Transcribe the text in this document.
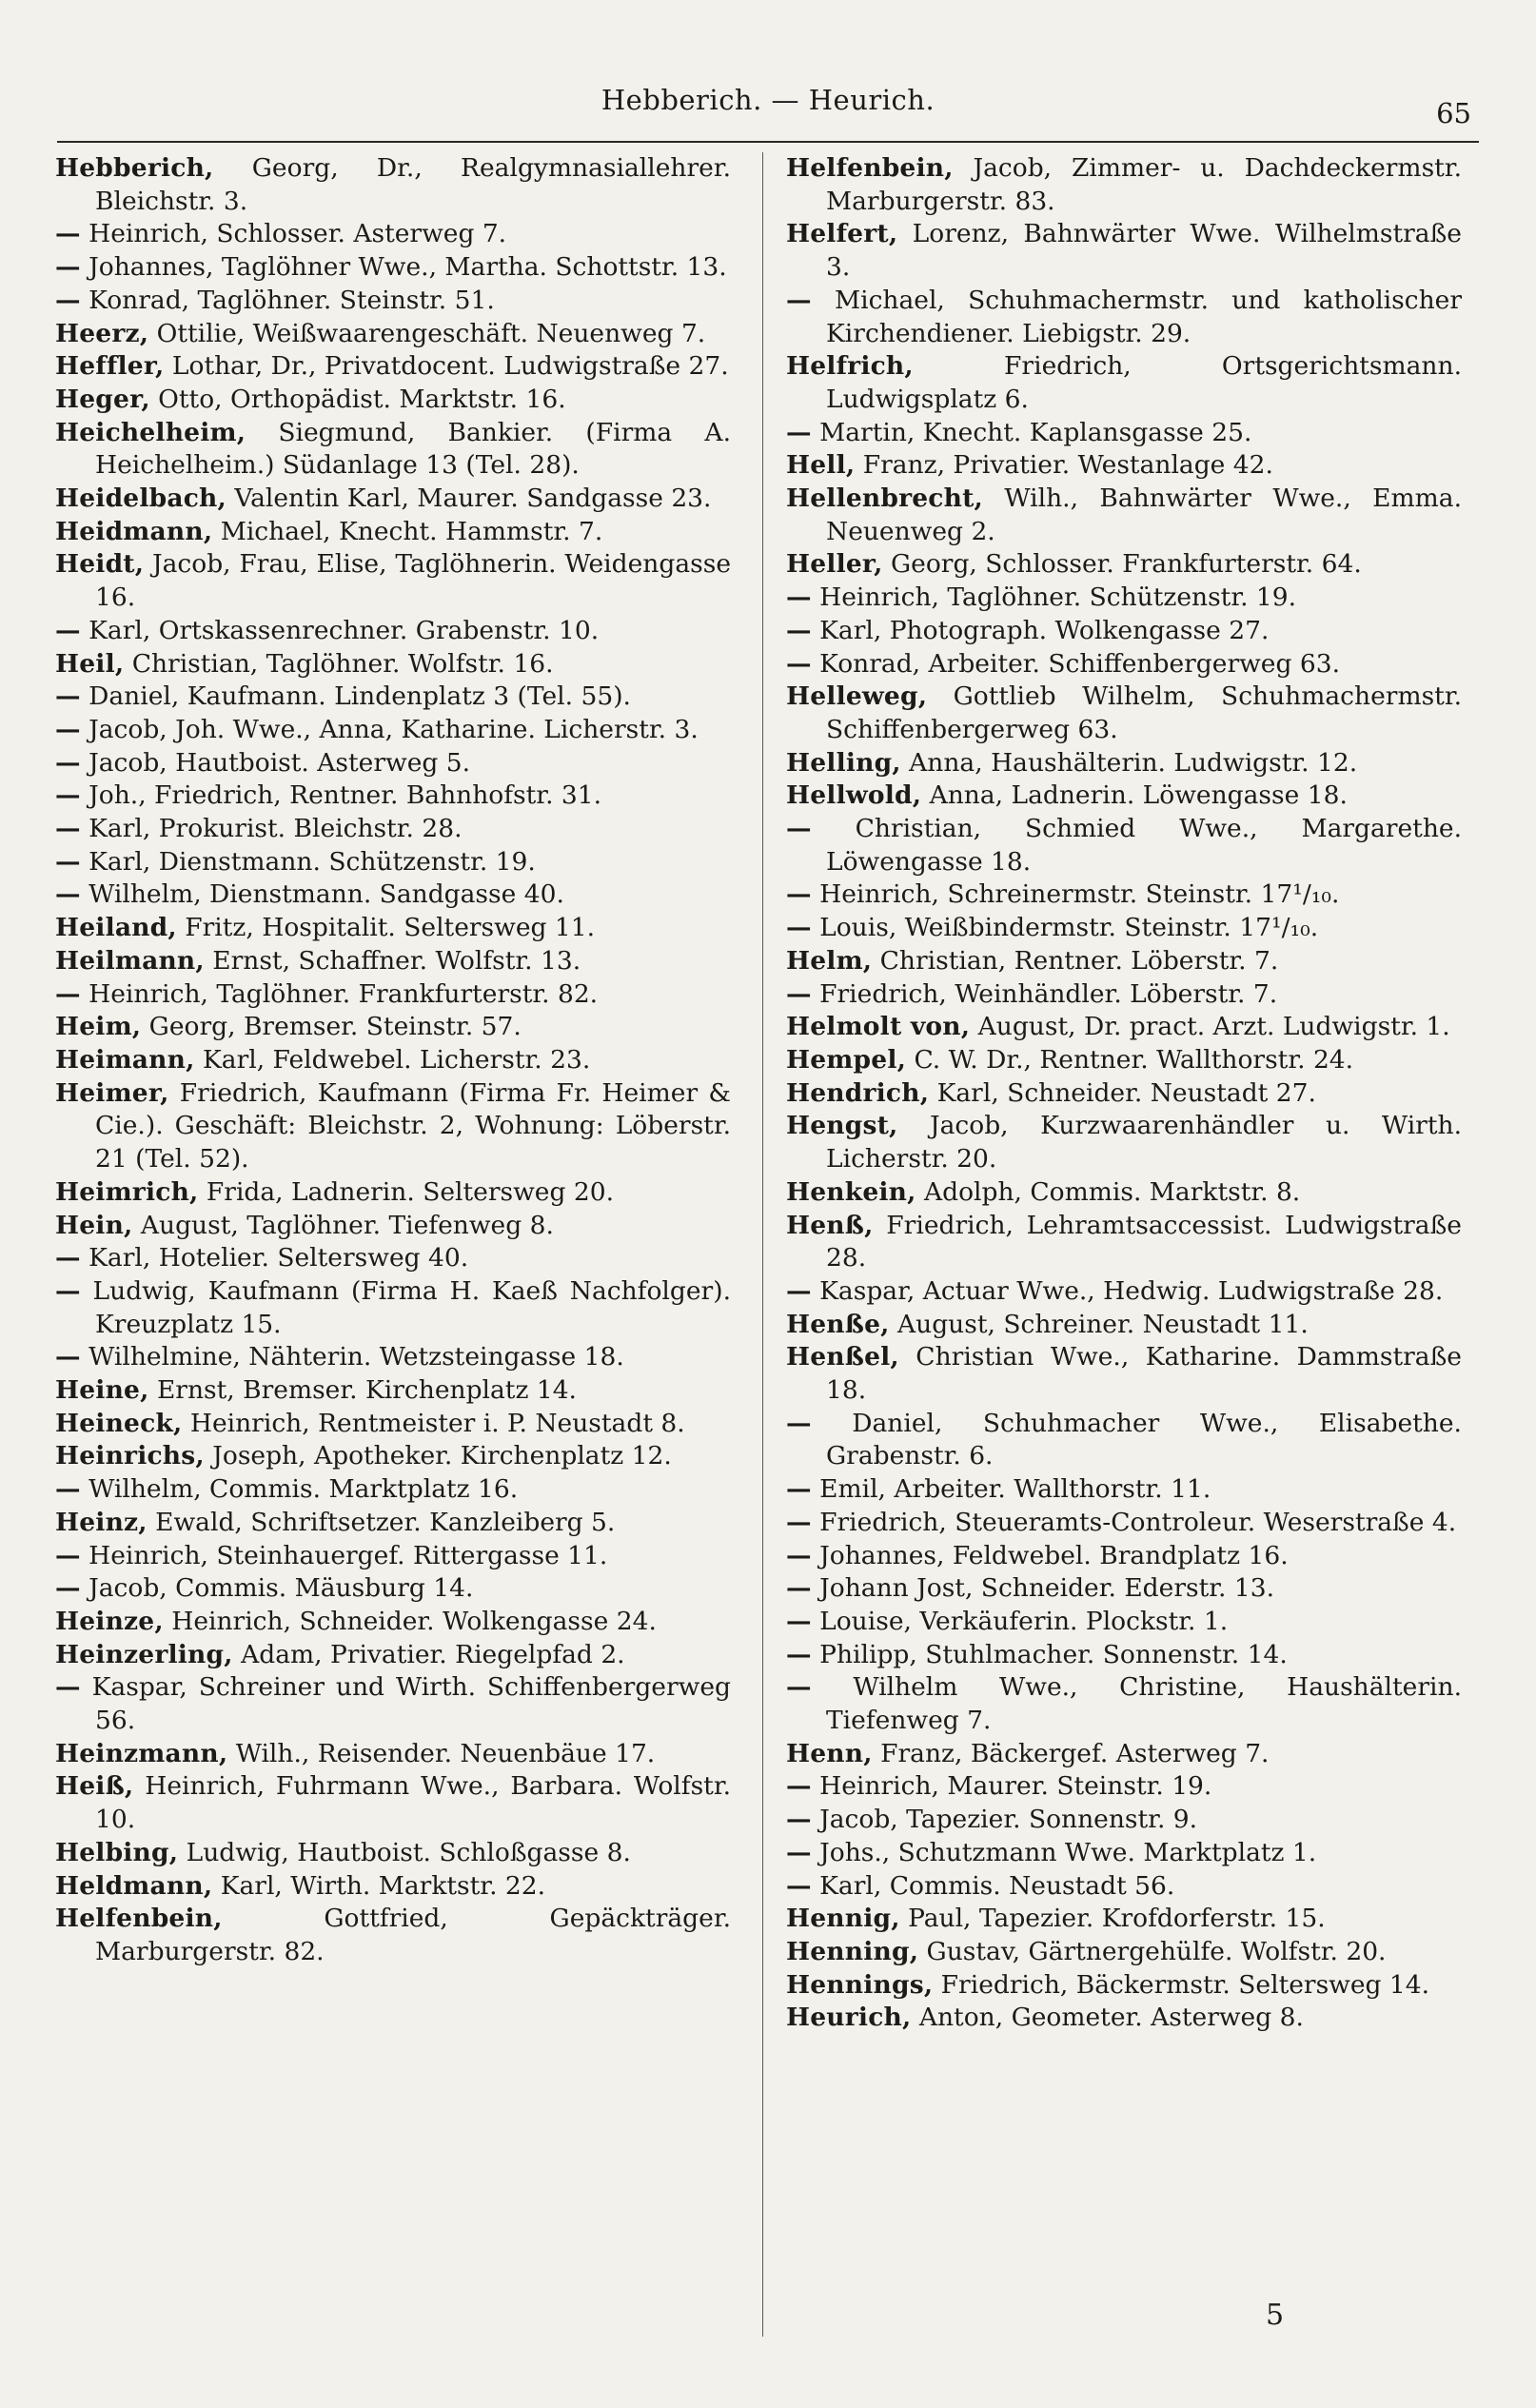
Hebberich. — Heurich.	65
Hebberich, Georg, Dr., Realgymnasiallehrer. Bleichstr. 3.
— Heinrich, Schlosser. Asterweg 7.
— Johannes, Taglöhner Wwe., Martha. Schottstr. 13.
— Konrad, Taglöhner. Steinstr. 51.
Heerz, Ottilie, Weißwaarengeschäft. Neuenweg 7.
Heffler, Lothar, Dr., Privatdocent. Ludwigstraße 27.
Heger, Otto, Orthopädist. Marktstr. 16.
Heichelheim, Siegmund, Bankier. (Firma A. Heichelheim.) Südanlage 13 (Tel. 28).
Heidelbach, Valentin Karl, Maurer. Sandgasse 23.
Heidmann, Michael, Knecht. Hammstr. 7.
Heidt, Jacob, Frau, Elise, Taglöhnerin. Weidengasse 16.
— Karl, Ortskassenrechner. Grabenstr. 10.
Heil, Christian, Taglöhner. Wolfstr. 16.
— Daniel, Kaufmann. Lindenplatz 3 (Tel. 55).
— Jacob, Joh. Wwe., Anna, Katharine. Licherstr. 3.
— Jacob, Hautboist. Asterweg 5.
— Joh., Friedrich, Rentner. Bahnhofstr. 31.
— Karl, Prokurist. Bleichstr. 28.
— Karl, Dienstmann. Schützenstr. 19.
— Wilhelm, Dienstmann. Sandgasse 40.
Heiland, Fritz, Hospitalit. Seltersweg 11.
Heilmann, Ernst, Schaffner. Wolfstr. 13.
— Heinrich, Taglöhner. Frankfurterstr. 82.
Heim, Georg, Bremser. Steinstr. 57.
Heimann, Karl, Feldwebel. Licherstr. 23.
Heimer, Friedrich, Kaufmann (Firma Fr. Heimer & Cie.). Geschäft: Bleichstr. 2, Wohnung: Löberstr. 21 (Tel. 52).
Heimrich, Frida, Ladnerin. Seltersweg 20.
Hein, August, Taglöhner. Tiefenweg 8.
— Karl, Hotelier. Seltersweg 40.
— Ludwig, Kaufmann (Firma H. Kaeß Nachfolger). Kreuzplatz 15.
— Wilhelmine, Nähterin. Wetzsteingasse 18.
Heine, Ernst, Bremser. Kirchenplatz 14.
Heineck, Heinrich, Rentmeister i. P. Neustadt 8.
Heinrichs, Joseph, Apotheker. Kirchenplatz 12.
— Wilhelm, Commis. Marktplatz 16.
Heinz, Ewald, Schriftsetzer. Kanzleiberg 5.
— Heinrich, Steinhauergef. Rittergasse 11.
— Jacob, Commis. Mäusburg 14.
Heinze, Heinrich, Schneider. Wolkengasse 24.
Heinzerling, Adam, Privatier. Riegelpfad 2.
— Kaspar, Schreiner und Wirth. Schiffenbergerweg 56.
Heinzmann, Wilh., Reisender. Neuenbäue 17.
Heiß, Heinrich, Fuhrmann Wwe., Barbara. Wolfstr. 10.
Helbing, Ludwig, Hautboist. Schloßgasse 8.
Heldmann, Karl, Wirth. Marktstr. 22.
Helfenbein, Gottfried, Gepäckträger. Marburgerstr. 82.
Helfenbein, Jacob, Zimmer- u. Dachdeckermstr. Marburgerstr. 83.
Helfert, Lorenz, Bahnwärter Wwe. Wilhelmstraße 3.
— Michael, Schuhmachermstr. und katholischer Kirchendiener. Liebigstr. 29.
Helfrich, Friedrich, Ortsgerichtsmann. Ludwigsplatz 6.
— Martin, Knecht. Kaplansgasse 25.
Hell, Franz, Privatier. Westanlage 42.
Hellenbrecht, Wilh., Bahnwärter Wwe., Emma. Neuenweg 2.
Heller, Georg, Schlosser. Frankfurterstr. 64.
— Heinrich, Taglöhner. Schützenstr. 19.
— Karl, Photograph. Wolkengasse 27.
— Konrad, Arbeiter. Schiffenbergerweg 63.
Helleweg, Gottlieb Wilhelm, Schuhmachermstr. Schiffenbergerweg 63.
Helling, Anna, Haushälterin. Ludwigstr. 12.
Hellwold, Anna, Ladnerin. Löwengasse 18.
— Christian, Schmied Wwe., Margarethe. Löwengasse 18.
— Heinrich, Schreinermstr. Steinstr. 17¹/₁₀.
— Louis, Weißbindermstr. Steinstr. 17¹/₁₀.
Helm, Christian, Rentner. Löberstr. 7.
— Friedrich, Weinhändler. Löberstr. 7.
Helmolt von, August, Dr. pract. Arzt. Ludwigstr. 1.
Hempel, C. W. Dr., Rentner. Wallthorstr. 24.
Hendrich, Karl, Schneider. Neustadt 27.
Hengst, Jacob, Kurzwaarenhändler u. Wirth. Licherstr. 20.
Henkein, Adolph, Commis. Marktstr. 8.
Henß, Friedrich, Lehramtsaccessist. Ludwigstraße 28.
— Kaspar, Actuar Wwe., Hedwig. Ludwigstraße 28.
Henße, August, Schreiner. Neustadt 11.
Henßel, Christian Wwe., Katharine. Dammstraße 18.
— Daniel, Schuhmacher Wwe., Elisabethe. Grabenstr. 6.
— Emil, Arbeiter. Wallthorstr. 11.
— Friedrich, Steueramts-Controleur. Weserstraße 4.
— Johannes, Feldwebel. Brandplatz 16.
— Johann Jost, Schneider. Ederstr. 13.
— Louise, Verkäuferin. Plockstr. 1.
— Philipp, Stuhlmacher. Sonnenstr. 14.
— Wilhelm Wwe., Christine, Haushälterin. Tiefenweg 7.
Henn, Franz, Bäckergef. Asterweg 7.
— Heinrich, Maurer. Steinstr. 19.
— Jacob, Tapezier. Sonnenstr. 9.
— Johs., Schutzmann Wwe. Marktplatz 1.
— Karl, Commis. Neustadt 56.
Hennig, Paul, Tapezier. Krofdorferstr. 15.
Henning, Gustav, Gärtnergehülfe. Wolfstr. 20.
Hennings, Friedrich, Bäckermstr. Seltersweg 14.
Heurich, Anton, Geometer. Asterweg 8.
5
